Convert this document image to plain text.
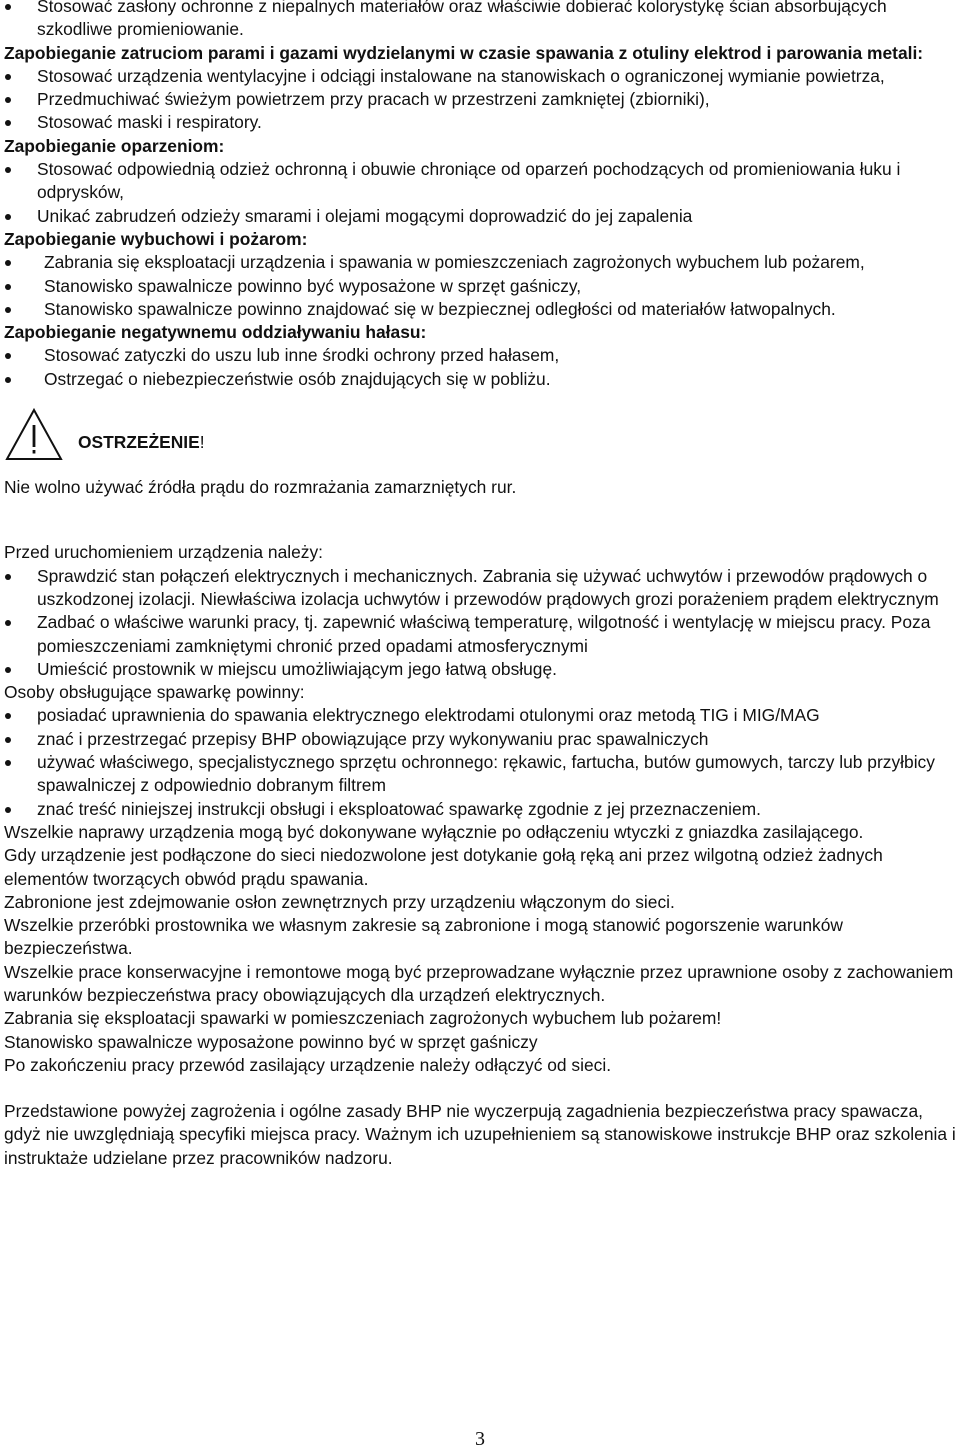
Stosować zasłony ochronne z niepalnych materiałów oraz właściwie dobierać kolorystykę ścian absorbujących szkodliwe promieniowanie.

Zapobieganie zatruciom parami i gazami wydzielanymi w czasie spawania z otuliny elektrod i parowania metali:

Stosować urządzenia wentylacyjne i odciągi instalowane na stanowiskach o ograniczonej wymianie powietrza,
Przedmuchiwać świeżym powietrzem przy pracach w przestrzeni zamkniętej (zbiorniki),
Stosować maski i respiratory.

Zapobieganie oparzeniom:

Stosować odpowiednią odzież ochronną i obuwie chroniące od oparzeń pochodzących od promieniowania łuku i odprysków,
Unikać zabrudzeń odzieży smarami i olejami mogącymi doprowadzić do jej zapalenia

Zapobieganie wybuchowi i pożarom:

Zabrania się eksploatacji urządzenia i spawania w pomieszczeniach zagrożonych wybuchem lub pożarem,
Stanowisko spawalnicze powinno być wyposażone w sprzęt gaśniczy,
Stanowisko spawalnicze powinno znajdować się w bezpiecznej odległości od materiałów łatwopalnych.

Zapobieganie negatywnemu oddziaływaniu hałasu:

Stosować zatyczki do uszu lub inne środki ochrony przed hałasem,
Ostrzegać o niebezpieczeństwie osób znajdujących się w pobliżu.
OSTRZEŻENIE!

Nie wolno używać źródła prądu do rozmrażania zamarzniętych rur.

Przed uruchomieniem urządzenia należy:

Sprawdzić stan połączeń elektrycznych i mechanicznych. Zabrania się używać uchwytów i przewodów prądowych o uszkodzonej izolacji. Niewłaściwa izolacja uchwytów i przewodów prądowych grozi porażeniem prądem elektrycznym
Zadbać o właściwe warunki pracy, tj. zapewnić właściwą temperaturę, wilgotność i wentylację w miejscu pracy. Poza pomieszczeniami zamkniętymi chronić przed opadami atmosferycznymi
Umieścić prostownik w miejscu umożliwiającym jego łatwą obsługę.

Osoby obsługujące spawarkę powinny:

posiadać uprawnienia do spawania elektrycznego elektrodami otulonymi oraz metodą TIG i MIG/MAG
znać i przestrzegać przepisy BHP obowiązujące przy wykonywaniu prac spawalniczych
używać właściwego, specjalistycznego sprzętu ochronnego: rękawic, fartucha, butów gumowych, tarczy lub przyłbicy spawalniczej z odpowiednio dobranym filtrem
znać treść niniejszej instrukcji obsługi i eksploatować spawarkę zgodnie z jej przeznaczeniem.

Wszelkie naprawy urządzenia mogą być dokonywane wyłącznie po odłączeniu wtyczki z gniazdka zasilającego.

Gdy urządzenie jest podłączone do sieci niedozwolone jest dotykanie gołą ręką ani przez wilgotną odzież żadnych elementów tworzących obwód prądu spawania.

Zabronione jest zdejmowanie osłon zewnętrznych przy urządzeniu włączonym do sieci.

Wszelkie przeróbki prostownika we własnym zakresie są zabronione i mogą stanowić pogorszenie warunków bezpieczeństwa.

Wszelkie prace konserwacyjne i remontowe mogą być przeprowadzane wyłącznie przez uprawnione osoby z zachowaniem warunków bezpieczeństwa pracy obowiązujących dla urządzeń elektrycznych.

Zabrania się eksploatacji spawarki w pomieszczeniach zagrożonych wybuchem lub pożarem!

Stanowisko spawalnicze wyposażone powinno być w sprzęt gaśniczy

Po zakończeniu pracy przewód zasilający urządzenie należy odłączyć od sieci.

Przedstawione powyżej zagrożenia i ogólne zasady BHP nie wyczerpują zagadnienia bezpieczeństwa pracy spawacza, gdyż nie uwzględniają specyfiki miejsca pracy. Ważnym ich uzupełnieniem są stanowiskowe instrukcje BHP oraz szkolenia i instruktaże udzielane przez pracowników nadzoru.

3
